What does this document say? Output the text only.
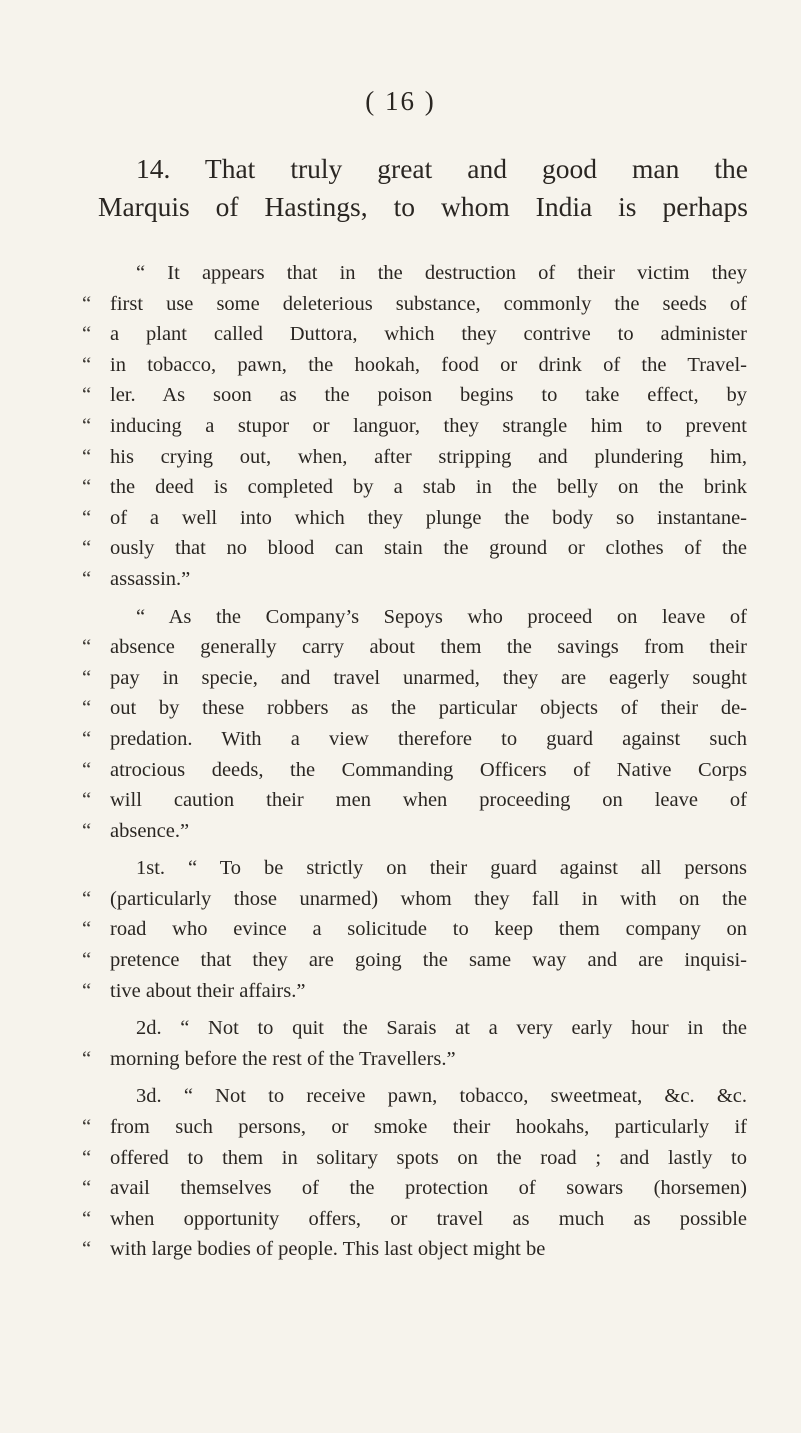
( 16 )
14. That truly great and good man the
Marquis of Hastings, to whom India is perhaps
“ It appears that in the destruction of their victim they
“ first use some deleterious substance, commonly the seeds of
“ a plant called Duttora, which they contrive to administer
“ in tobacco, pawn, the hookah, food or drink of the Travel-
“ ler. As soon as the poison begins to take effect, by
“ inducing a stupor or languor, they strangle him to prevent
“ his crying out, when, after stripping and plundering him,
“ the deed is completed by a stab in the belly on the brink
“ of a well into which they plunge the body so instantane-
“ ously that no blood can stain the ground or clothes of the
“ assassin.”
“ As the Company’s Sepoys who proceed on leave of
“ absence generally carry about them the savings from their
“ pay in specie, and travel unarmed, they are eagerly sought
“ out by these robbers as the particular objects of their de-
“ predation. With a view therefore to guard against such
“ atrocious deeds, the Commanding Officers of Native Corps
“ will caution their men when proceeding on leave of
“ absence.”
1st. “ To be strictly on their guard against all persons
“ (particularly those unarmed) whom they fall in with on the
“ road who evince a solicitude to keep them company on
“ pretence that they are going the same way and are inquisi-
“ tive about their affairs.”
2d. “ Not to quit the Sarais at a very early hour in the
“ morning before the rest of the Travellers.”
3d. “ Not to receive pawn, tobacco, sweetmeat, &c. &c.
“ from such persons, or smoke their hookahs, particularly if
“ offered to them in solitary spots on the road ; and lastly to
“ avail themselves of the protection of sowars (horsemen)
“ when opportunity offers, or travel as much as possible
“ with large bodies of people. This last object might be
